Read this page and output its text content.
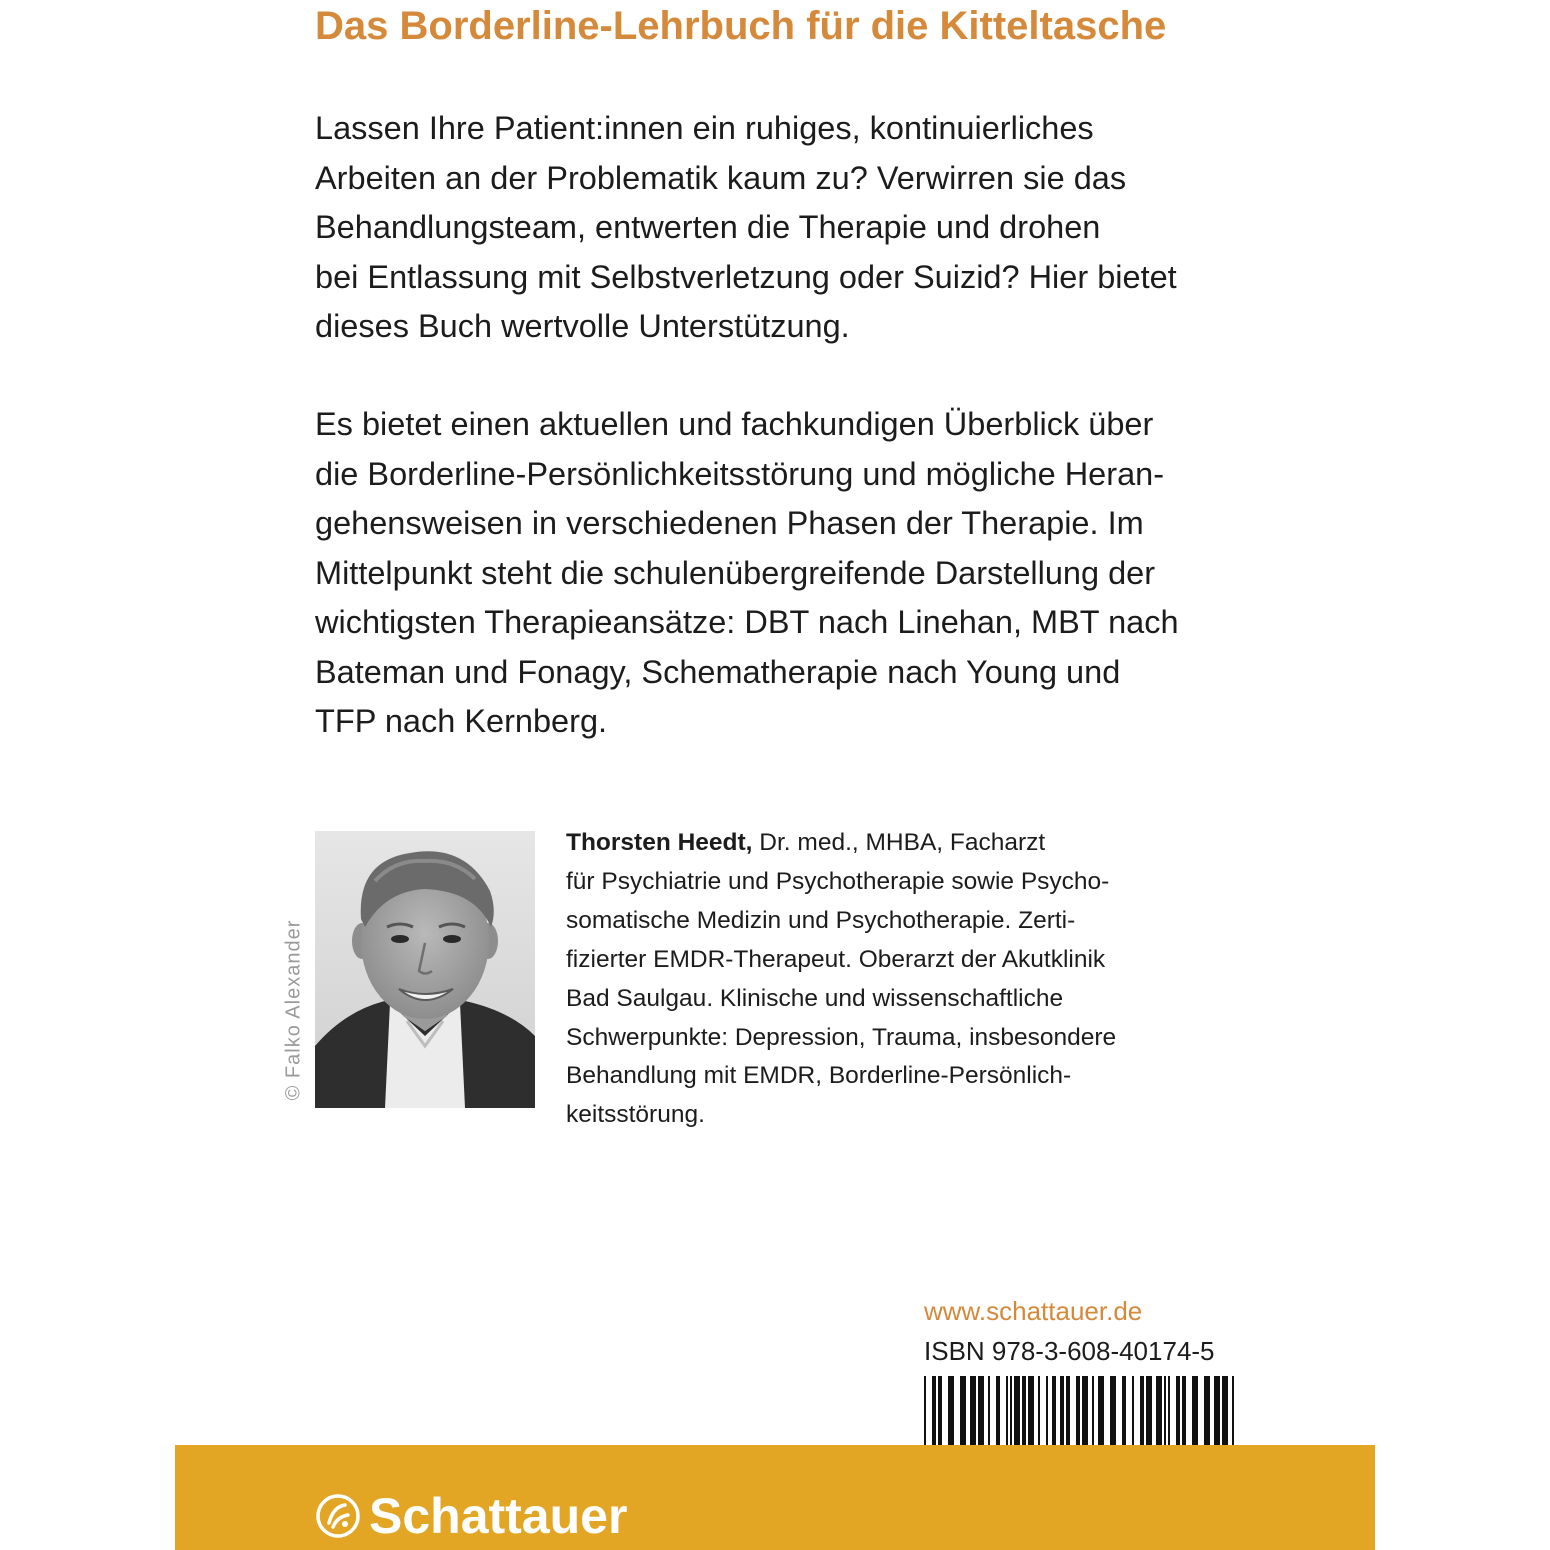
Das Borderline-Lehrbuch für die Kitteltasche
Lassen Ihre Patient:innen ein ruhiges, kontinuierliches
Arbeiten an der Problematik kaum zu? Verwirren sie das
Behandlungsteam, entwerten die Therapie und drohen
bei Entlassung mit Selbstverletzung oder Suizid? Hier bietet
dieses Buch wertvolle Unterstützung.
Es bietet einen aktuellen und fachkundigen Überblick über
die Borderline-Persönlichkeitsstörung und mögliche Heran-
gehensweisen in verschiedenen Phasen der Therapie. Im
Mittelpunkt steht die schulenübergreifende Darstellung der
wichtigsten Therapieansätze: DBT nach Linehan, MBT nach
Bateman und Fonagy, Schematherapie nach Young und
TFP nach Kernberg.
© Falko Alexander
Thorsten Heedt, Dr. med., MHBA, Facharzt
für Psychiatrie und Psychotherapie sowie Psycho-
somatische Medizin und Psychotherapie. Zerti-
fizierter EMDR-Therapeut. Oberarzt der Akutklinik
Bad Saulgau. Klinische und wissenschaftliche
Schwerpunkte: Depression, Trauma, insbesondere
Behandlung mit EMDR, Borderline-Persönlich-
keitsstörung.
www.schattauer.de
ISBN 978-3-608-40174-5
Schattauer
